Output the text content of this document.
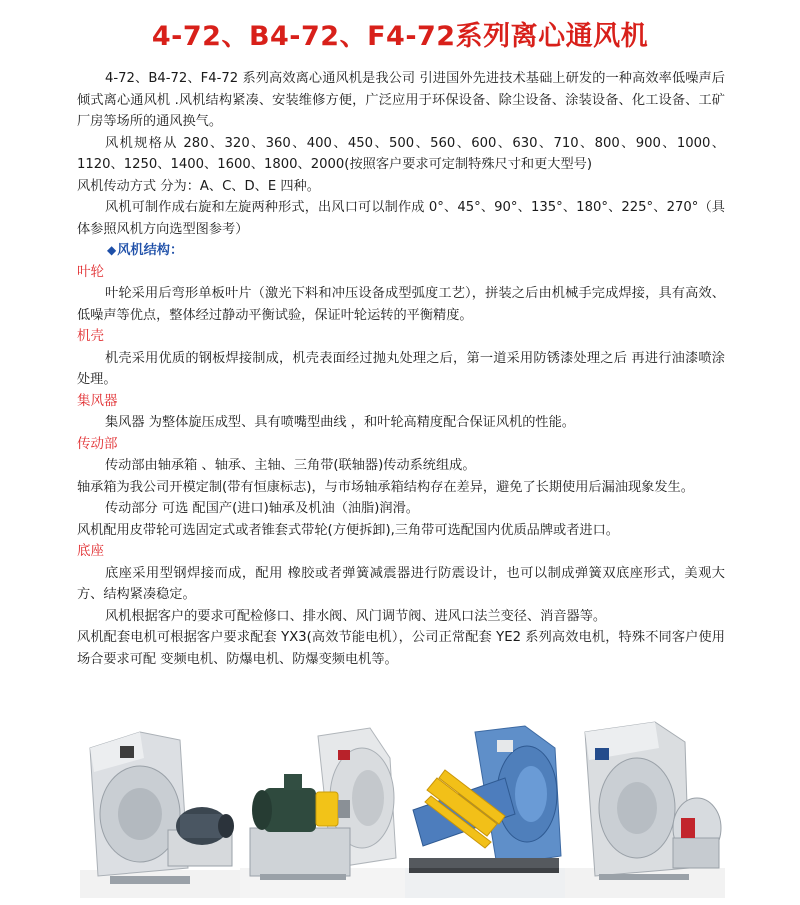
4-72、B4-72、F4-72系列离心通风机

4-72、B4-72、F4-72 系列高效离心通风机是我公司 引进国外先进技术基础上研发的一种高效率低噪声后倾式离心通风机 .风机结构紧凑、安装维修方便，广泛应用于环保设备、除尘设备、涂装设备、化工设备、工矿厂房等场所的通风换气。

风机规格从 280、320、360、400、450、500、560、600、630、710、800、900、1000、1120、1250、1400、1600、1800、2000(按照客户要求可定制特殊尺寸和更大型号)

风机传动方式 分为：A、C、D、E 四种。

风机可制作成右旋和左旋两种形式，出风口可以制作成 0°、45°、90°、135°、180°、225°、270°（具体参照风机方向选型图参考）

◆风机结构：

叶轮

叶轮采用后弯形单板叶片（激光下料和冲压设备成型弧度工艺），拼装之后由机械手完成焊接，具有高效、低噪声等优点，整体经过静动平衡试验，保证叶轮运转的平衡精度。

机壳

机壳采用优质的钢板焊接制成，机壳表面经过抛丸处理之后，第一道采用防锈漆处理之后 再进行油漆喷涂处理。

集风器

集风器 为整体旋压成型、具有喷嘴型曲线 ，和叶轮高精度配合保证风机的性能。

传动部

传动部由轴承箱 、轴承、主轴、三角带(联轴器)传动系统组成。

轴承箱为我公司开模定制(带有恒康标志)，与市场轴承箱结构存在差异，避免了长期使用后漏油现象发生。

传动部分 可选 配国产(进口)轴承及机油（油脂)润滑。

风机配用皮带轮可选固定式或者锥套式带轮(方便拆卸),三角带可选配国内优质品牌或者进口。

底座

底座采用型钢焊接而成，配用 橡胶或者弹簧减震器进行防震设计，也可以制成弹簧双底座形式，美观大方、结构紧凑稳定。

风机根据客户的要求可配检修口、排水阀、风门调节阀、进风口法兰变径、消音器等。

风机配套电机可根据客户要求配套 YX3(高效节能电机），公司正常配套 YE2 系列高效电机，特殊不同客户使用场合要求可配 变频电机、防爆电机、防爆变频电机等。
